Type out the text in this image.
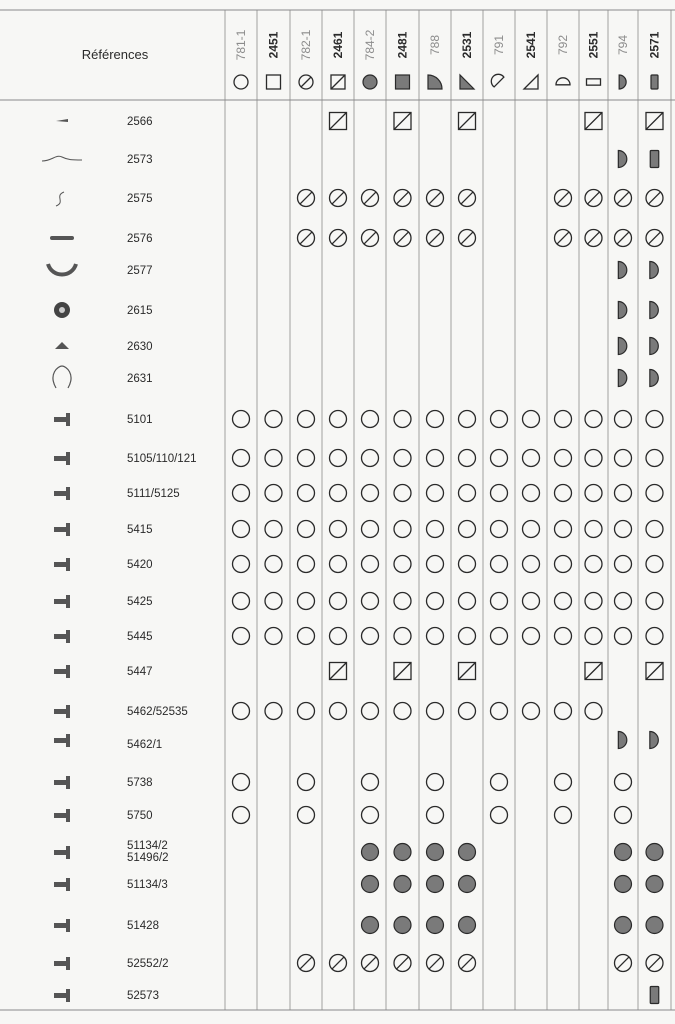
Références	781-1 2451 782-1 2461 784-2 2481 788 2531 791 2541 792 2551 794 2571
2566
2573
2575
2576
2577
2615
2630
2631
5101
5105/110/121
5111/5125
5415
5420
5425
5445
5447
5462/52535
5462/1
5738
5750
51134/2
51496/2
51134/3
51428
52552/2
52573
